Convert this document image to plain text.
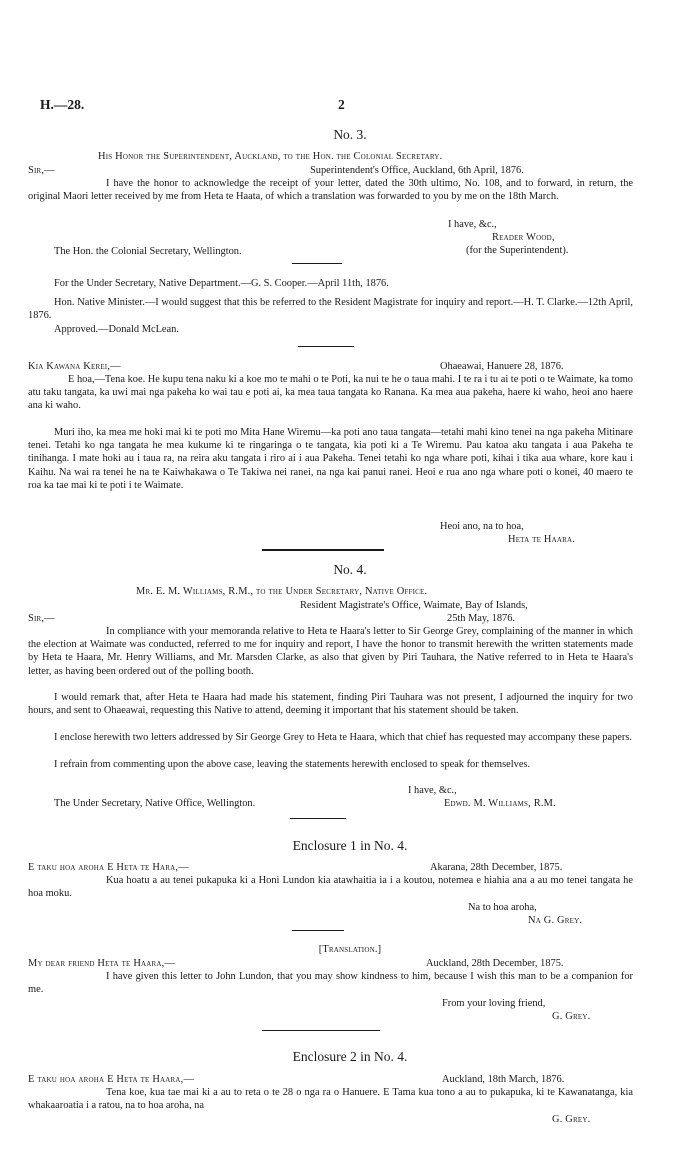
H.—28.	2
No. 3.
His Honor the Superintendent, Auckland, to the Hon. the Colonial Secretary.
Sir,—	Superintendent's Office, Auckland, 6th April, 1876.

I have the honor to acknowledge the receipt of your letter, dated the 30th ultimo, No. 108, and to forward, in return, the original Maori letter received by me from Heta te Haata, of which a translation was forwarded to you by me on the 18th March.

I have, &c.,
Reader Wood,
(for the Superintendent).
The Hon. the Colonial Secretary, Wellington.

For the Under Secretary, Native Department.—G. S. Cooper.—April 11th, 1876.

Hon. Native Minister.—I would suggest that this be referred to the Resident Magistrate for inquiry and report.—H. T. Clarke.—12th April, 1876.

Approved.—Donald McLean.

Kia Kawana Kerei,—	Ohaeawai, Hanuere 28, 1876.

E hoa,—Tena koe. He kupu tena naku ki a koe mo te mahi o te Poti, ka nui te he o taua mahi. I te ra i tu ai te poti o te Waimate, ka tomo atu taku tangata, ka uwi mai nga pakeha ko wai tau e poti ai, ka mea taua tangata ko Ranana. Ka mea aua pakeha, haere ki waho, heoi ano haere ana ki waho.

Muri iho, ka mea me hoki mai ki te poti mo Mita Hane Wiremu—ka poti ano taua tangata—tetahi mahi kino tenei na nga pakeha Mitinare tenei. Tetahi ko nga tangata he mea kukume ki te ringaringa o te tangata, kia poti ki a Te Wiremu. Pau katoa aku tangata i aua Pakeha te tinihanga. I mate hoki au i taua ra, na reira aku tangata i riro ai i aua Pakeha. Tenei tetahi ko nga whare poti, kihai i tika aua whare, kore kau i Kaihu. Na wai ra tenei he na te Kaiwhakawa o Te Takiwa nei ranei, na nga kai panui ranei. Heoi e rua ano nga whare poti o konei, 40 maero te roa ka tae mai ki te poti i te Waimate.

Heoi ano, na to hoa,
Heta te Haara.
No. 4.
Mr. E. M. Williams, R.M., to the Under Secretary, Native Office.
Resident Magistrate's Office, Waimate, Bay of Islands,
Sir,—	25th May, 1876.

In compliance with your memoranda relative to Heta te Haara's letter to Sir George Grey, complaining of the manner in which the election at Waimate was conducted, referred to me for inquiry and report, I have the honor to transmit herewith the written statements made by Heta te Haara, Mr. Henry Williams, and Mr. Marsden Clarke, as also that given by Piri Tauhara, the Native referred to in Heta te Haara's letter, as having been ordered out of the polling booth.

I would remark that, after Heta te Haara had made his statement, finding Piri Tauhara was not present, I adjourned the inquiry for two hours, and sent to Ohaeawai, requesting this Native to attend, deeming it important that his statement should be taken.

I enclose herewith two letters addressed by Sir George Grey to Heta te Haara, which that chief has requested may accompany these papers.

I refrain from commenting upon the above case, leaving the statements herewith enclosed to speak for themselves.

I have, &c.,
The Under Secretary, Native Office, Wellington.	Edwd. M. Williams, R.M.
Enclosure 1 in No. 4.
E taku hoa aroha E Heta te Hara,—	Akarana, 28th December, 1875.

Kua hoatu a au tenei pukapuka ki a Honi Lundon kia atawhaitia ia i a koutou, notemea e hiahia ana a au mo tenei tangata he hoa moku.

Na to hoa aroha,
Na G. Grey.
[Translation.]
My dear friend Heta te Haara,—	Auckland, 28th December, 1875.

I have given this letter to John Lundon, that you may show kindness to him, because I wish this man to be a companion for me.

From your loving friend,
G. Grey.
Enclosure 2 in No. 4.
E taku hoa aroha E Heta te Haara,—	Auckland, 18th March, 1876.

Tena koe, kua tae mai ki a au to reta o te 28 o nga ra o Hanuere. E Tama kua tono a au to pukapuka, ki te Kawanatanga, kia whakaaroatia i a ratou, na to hoa aroha, na

G. Grey.
